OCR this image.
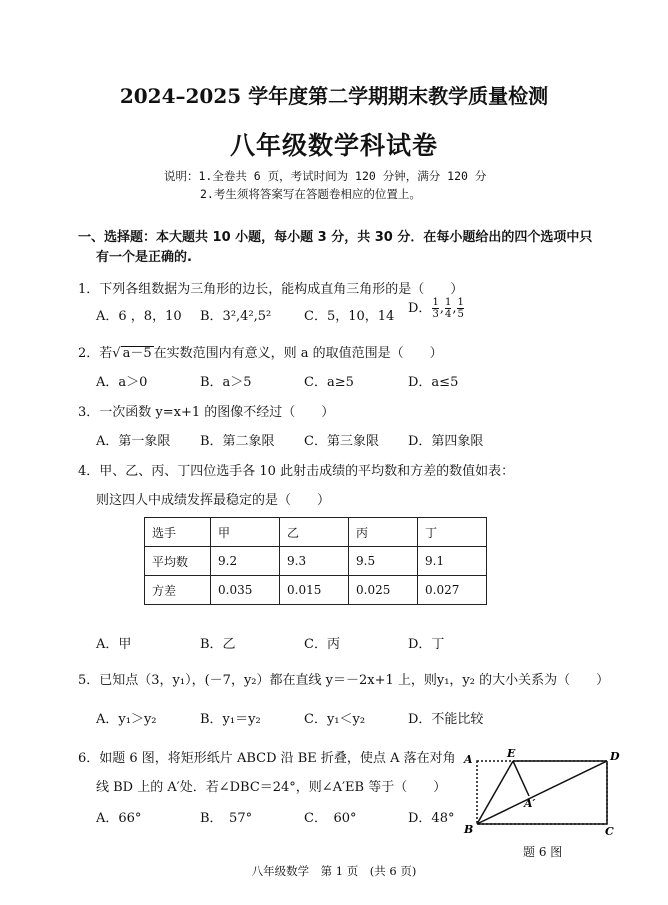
2024–2025 学年度第二学期期末教学质量检测
八年级数学科试卷
说明：1.全卷共 6 页，考试时间为 120 分钟，满分 120 分
2.考生须将答案写在答题卷相应的位置上。
一、选择题：本大题共 10 小题，每小题 3 分，共 30 分．在每小题给出的四个选项中只
有一个是正确的.
1．下列各组数据为三角形的边长，能构成直角三角形的是（　　）
A．6 ，8，10 B．3²,4²,5²	C．5，10，14
D． $\frac{1}{3}$ , $\frac{1}{4}$ , $\frac{1}{5}$
2．若√ a－5 在实数范围内有意义，则 a 的取值范围是（　　）
A．a＞0	B．a＞5	C．a≥5	D．a≤5
3．一次函数 y=x+1 的图像不经过（　　）
A．第一象限 B．第二象限 C．第三象限 D．第四象限
4．甲、乙、丙、丁四位选手各 10 此射击成绩的平均数和方差的数值如表：
则这四人中成绩发挥最稳定的是（　　）
选手	甲	乙	丙	丁
平均数	9.2	9.3	9.5	9.1
方差	0.035	0.015	0.025	0.027
A．甲	B．乙	C．丙	D．丁
5．已知点（3，y₁），(－7，y₂）都在直线 y＝－2x+1 上，则y₁，y₂ 的大小关系为（　　）
A．y₁＞y₂	B．y₁＝y₂	C．y₁＜y₂	D．不能比较
6．如题 6 图，将矩形纸片 ABCD 沿 BE 折叠，使点 A 落在对角
线 BD 上的 A′处．若∠DBC＝24°，则∠A′EB 等于（　　）
A．66°	B．　57°	C．　60°	D．48°
A	E	D
A′
B	C
题 6 图
八年级数学　第 1 页　(共 6 页)
